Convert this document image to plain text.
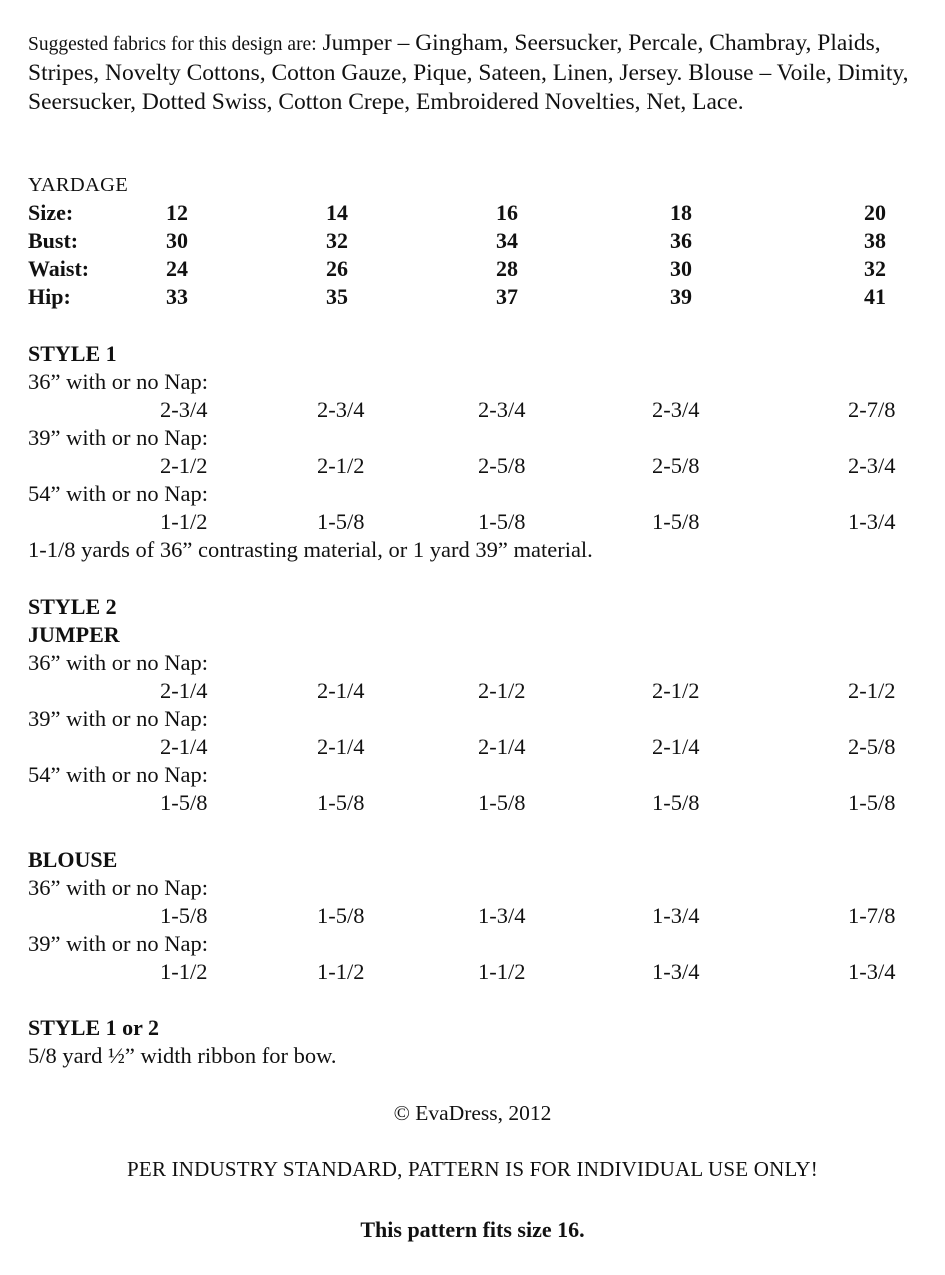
Suggested fabrics for this design are: Jumper – Gingham, Seersucker, Percale, Chambray, Plaids, Stripes, Novelty Cottons, Cotton Gauze, Pique, Sateen, Linen, Jersey. Blouse – Voile, Dimity, Seersucker, Dotted Swiss, Cotton Crepe, Embroidered Novelties, Net, Lace.

YARDAGE
Size:	12	14	16	18	20
Bust:	30	32	34	36	38
Waist:	24	26	28	30	32
Hip:	33	35	37	39	41
STYLE 1
36” with or no Nap:
2-3/4	2-3/4	2-3/4	2-3/4	2-7/8
39” with or no Nap:
2-1/2	2-1/2	2-5/8	2-5/8	2-3/4
54” with or no Nap:
1-1/2	1-5/8	1-5/8	1-5/8	1-3/4
1-1/8 yards of 36” contrasting material, or 1 yard 39” material.
STYLE 2
JUMPER
36” with or no Nap:
2-1/4	2-1/4	2-1/2	2-1/2	2-1/2
39” with or no Nap:
2-1/4	2-1/4	2-1/4	2-1/4	2-5/8
54” with or no Nap:
1-5/8	1-5/8	1-5/8	1-5/8	1-5/8
BLOUSE
36” with or no Nap:
1-5/8	1-5/8	1-3/4	1-3/4	1-7/8
39” with or no Nap:
1-1/2	1-1/2	1-1/2	1-3/4	1-3/4
STYLE 1 or 2
5/8 yard ½” width ribbon for bow.
© EvaDress, 2012
PER INDUSTRY STANDARD, PATTERN IS FOR INDIVIDUAL USE ONLY!
This pattern fits size 16.
